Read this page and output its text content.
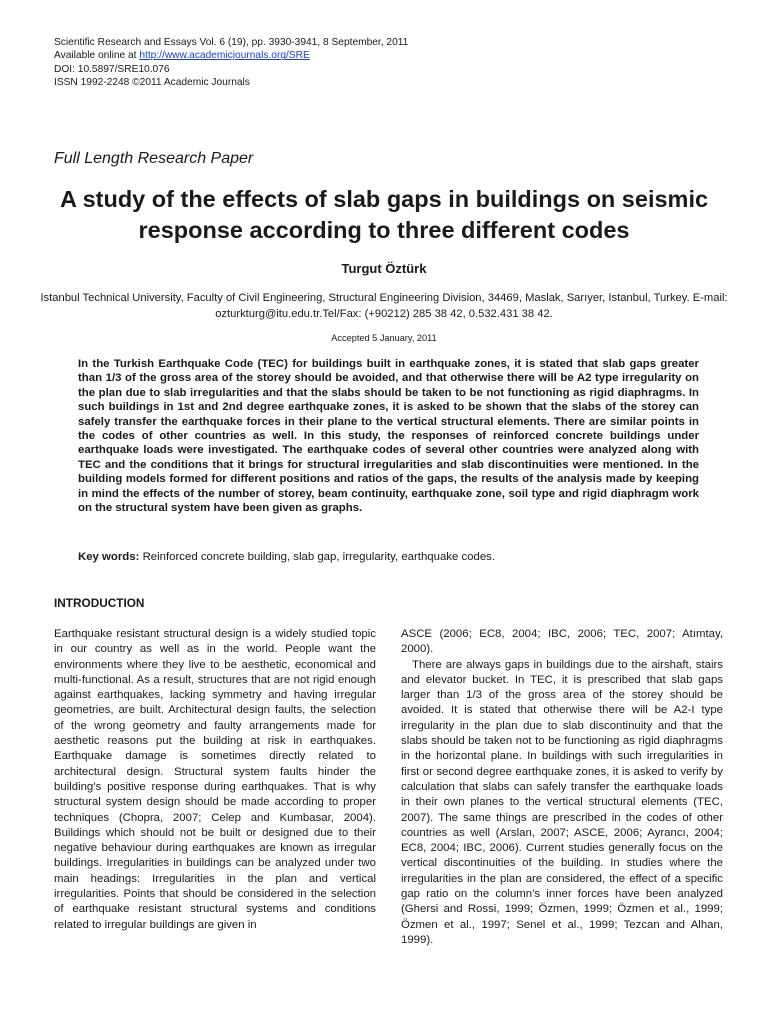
Scientific Research and Essays Vol. 6 (19), pp. 3930-3941, 8 September, 2011
Available online at http://www.academicjournals.org/SRE
DOI: 10.5897/SRE10.076
ISSN 1992-2248 ©2011 Academic Journals
Full Length Research Paper
A study of the effects of slab gaps in buildings on seismic response according to three different codes
Turgut Öztürk
Istanbul Technical University, Faculty of Civil Engineering, Structural Engineering Division, 34469, Maslak, Sarıyer, Istanbul, Turkey. E-mail: ozturkturg@itu.edu.tr.Tel/Fax: (+90212) 285 38 42, 0.532.431 38 42.
Accepted 5 January, 2011
In the Turkish Earthquake Code (TEC) for buildings built in earthquake zones, it is stated that slab gaps greater than 1/3 of the gross area of the storey should be avoided, and that otherwise there will be A2 type irregularity on the plan due to slab irregularities and that the slabs should be taken to be not functioning as rigid diaphragms. In such buildings in 1st and 2nd degree earthquake zones, it is asked to be shown that the slabs of the storey can safely transfer the earthquake forces in their plane to the vertical structural elements. There are similar points in the codes of other countries as well. In this study, the responses of reinforced concrete buildings under earthquake loads were investigated. The earthquake codes of several other countries were analyzed along with TEC and the conditions that it brings for structural irregularities and slab discontinuities were mentioned. In the building models formed for different positions and ratios of the gaps, the results of the analysis made by keeping in mind the effects of the number of storey, beam continuity, earthquake zone, soil type and rigid diaphragm work on the structural system have been given as graphs.
Key words: Reinforced concrete building, slab gap, irregularity, earthquake codes.
INTRODUCTION

Earthquake resistant structural design is a widely studied topic in our country as well as in the world. People want the environments where they live to be aesthetic, economical and multi-functional. As a result, structures that are not rigid enough against earthquakes, lacking symmetry and having irregular geometries, are built. Architectural design faults, the selection of the wrong geometry and faulty arrangements made for aesthetic reasons put the building at risk in earthquakes. Earthquake damage is sometimes directly related to architectural design. Structural system faults hinder the building’s positive response during earthquakes. That is why structural system design should be made according to proper techniques (Chopra, 2007; Celep and Kumbasar, 2004). Buildings which should not be built or designed due to their negative behaviour during earthquakes are known as irregular buildings. Irregularities in buildings can be analyzed under two main headings: Irregularities in the plan and vertical irregularities. Points that should be considered in the selection of earthquake resistant structural systems and conditions related to irregular buildings are given in

ASCE (2006; EC8, 2004; IBC, 2006; TEC, 2007; Atımtay, 2000).

There are always gaps in buildings due to the airshaft, stairs and elevator bucket. In TEC, it is prescribed that slab gaps larger than 1/3 of the gross area of the storey should be avoided. It is stated that otherwise there will be A2-I type irregularity in the plan due to slab discontinuity and that the slabs should be taken not to be functioning as rigid diaphragms in the horizontal plane. In buildings with such irregularities in first or second degree earthquake zones, it is asked to verify by calculation that slabs can safely transfer the earthquake loads in their own planes to the vertical structural elements (TEC, 2007). The same things are prescribed in the codes of other countries as well (Arslan, 2007; ASCE, 2006; Ayrancı, 2004; EC8, 2004; IBC, 2006). Current studies generally focus on the vertical discontinuities of the building. In studies where the irregularities in the plan are considered, the effect of a specific gap ratio on the column’s inner forces have been analyzed (Ghersi and Rossi, 1999; Özmen, 1999; Özmen et al., 1999; Özmen et al., 1997; Senel et al., 1999; Tezcan and Alhan, 1999).
